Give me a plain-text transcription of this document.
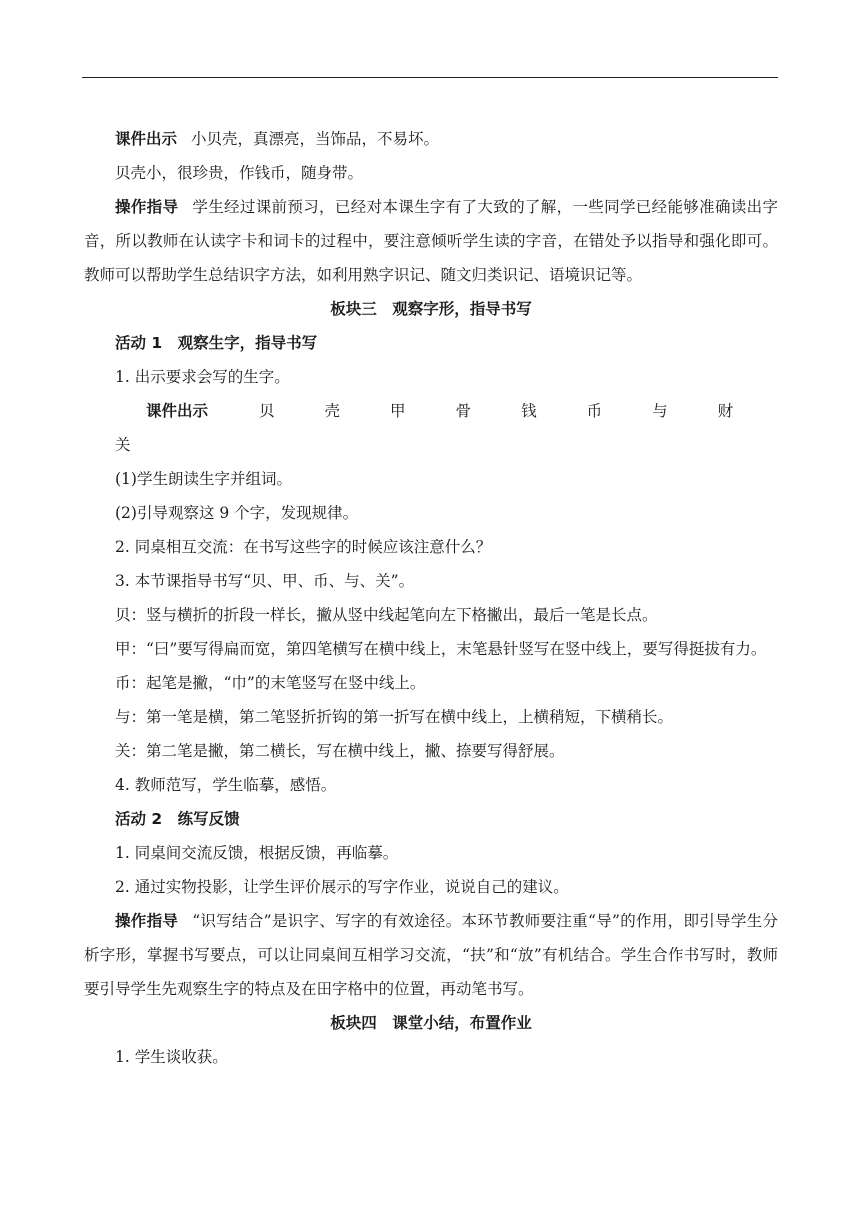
课件出示 小贝壳，真漂亮，当饰品，不易坏。

贝壳小，很珍贵，作钱币，随身带。

操作指导 学生经过课前预习，已经对本课生字有了大致的了解，一些同学已经能够准确读出字音，所以教师在认读字卡和词卡的过程中，要注意倾听学生读的字音，在错处予以指导和强化即可。教师可以帮助学生总结识字方法，如利用熟字识记、随文归类识记、语境识记等。

板块三　观察字形，指导书写

活动 1　观察生字，指导书写

1. 出示要求会写的生字。

课件出示	贝	壳	甲	骨	钱	币	与	财关

(1)学生朗读生字并组词。

(2)引导观察这 9 个字，发现规律。

2. 同桌相互交流：在书写这些字的时候应该注意什么？

3. 本节课指导书写“贝、甲、币、与、关”。

贝：竖与横折的折段一样长，撇从竖中线起笔向左下格撇出，最后一笔是长点。

甲：“曰”要写得扁而宽，第四笔横写在横中线上，末笔悬针竖写在竖中线上，要写得挺拔有力。

币：起笔是撇，“巾”的末笔竖写在竖中线上。

与：第一笔是横，第二笔竖折折钩的第一折写在横中线上，上横稍短，下横稍长。

关：第二笔是撇，第二横长，写在横中线上，撇、捺要写得舒展。

4. 教师范写，学生临摹，感悟。

活动 2　练写反馈

1. 同桌间交流反馈，根据反馈，再临摹。

2. 通过实物投影，让学生评价展示的写字作业，说说自己的建议。

操作指导 “识写结合”是识字、写字的有效途径。本环节教师要注重“导”的作用，即引导学生分析字形，掌握书写要点，可以让同桌间互相学习交流，“扶”和“放”有机结合。学生合作书写时，教师要引导学生先观察生字的特点及在田字格中的位置，再动笔书写。

板块四　课堂小结，布置作业

1. 学生谈收获。
